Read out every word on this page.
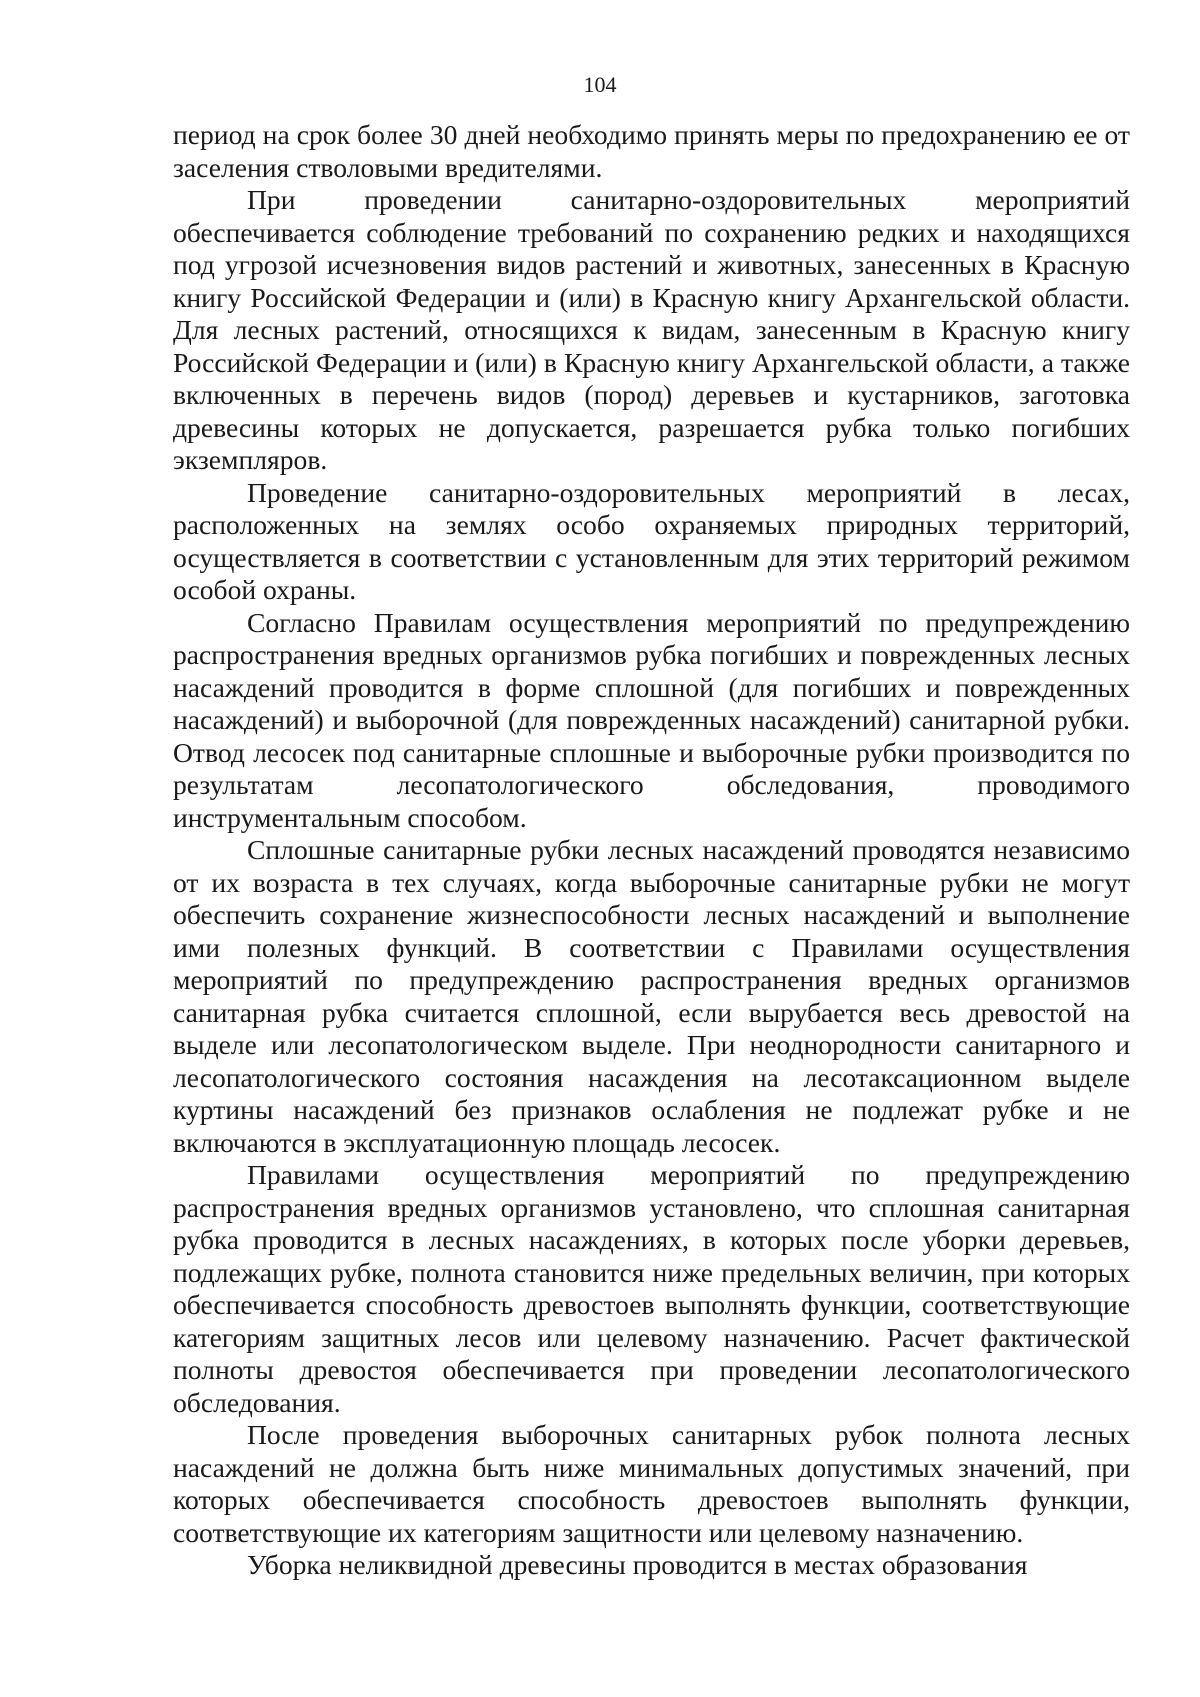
104

период на срок более 30 дней необходимо принять меры по предохранению ее от заселения стволовыми вредителями.

При проведении санитарно-оздоровительных мероприятий обеспечивается соблюдение требований по сохранению редких и находящихся под угрозой исчезновения видов растений и животных, занесенных в Красную книгу Российской Федерации и (или) в Красную книгу Архангельской области. Для лесных растений, относящихся к видам, занесенным в Красную книгу Российской Федерации и (или) в Красную книгу Архангельской области, а также включенных в перечень видов (пород) деревьев и кустарников, заготовка древесины которых не допускается, разрешается рубка только погибших экземпляров.

Проведение санитарно-оздоровительных мероприятий в лесах, расположенных на землях особо охраняемых природных территорий, осуществляется в соответствии с установленным для этих территорий режимом особой охраны.

Согласно Правилам осуществления мероприятий по предупреждению распространения вредных организмов рубка погибших и поврежденных лесных насаждений проводится в форме сплошной (для погибших и поврежденных насаждений) и выборочной (для поврежденных насаждений) санитарной рубки. Отвод лесосек под санитарные сплошные и выборочные рубки производится по результатам лесопатологического обследования, проводимого инструментальным способом.

Сплошные санитарные рубки лесных насаждений проводятся независимо от их возраста в тех случаях, когда выборочные санитарные рубки не могут обеспечить сохранение жизнеспособности лесных насаждений и выполнение ими полезных функций. В соответствии с Правилами осуществления мероприятий по предупреждению распространения вредных организмов санитарная рубка считается сплошной, если вырубается весь древостой на выделе или лесопатологическом выделе. При неоднородности санитарного и лесопатологического состояния насаждения на лесотаксационном выделе куртины насаждений без признаков ослабления не подлежат рубке и не включаются в эксплуатационную площадь лесосек.

Правилами осуществления мероприятий по предупреждению распространения вредных организмов установлено, что сплошная санитарная рубка проводится в лесных насаждениях, в которых после уборки деревьев, подлежащих рубке, полнота становится ниже предельных величин, при которых обеспечивается способность древостоев выполнять функции, соответствующие категориям защитных лесов или целевому назначению. Расчет фактической полноты древостоя обеспечивается при проведении лесопатологического обследования.

После проведения выборочных санитарных рубок полнота лесных насаждений не должна быть ниже минимальных допустимых значений, при которых обеспечивается способность древостоев выполнять функции, соответствующие их категориям защитности или целевому назначению.

Уборка неликвидной древесины проводится в местах образования
